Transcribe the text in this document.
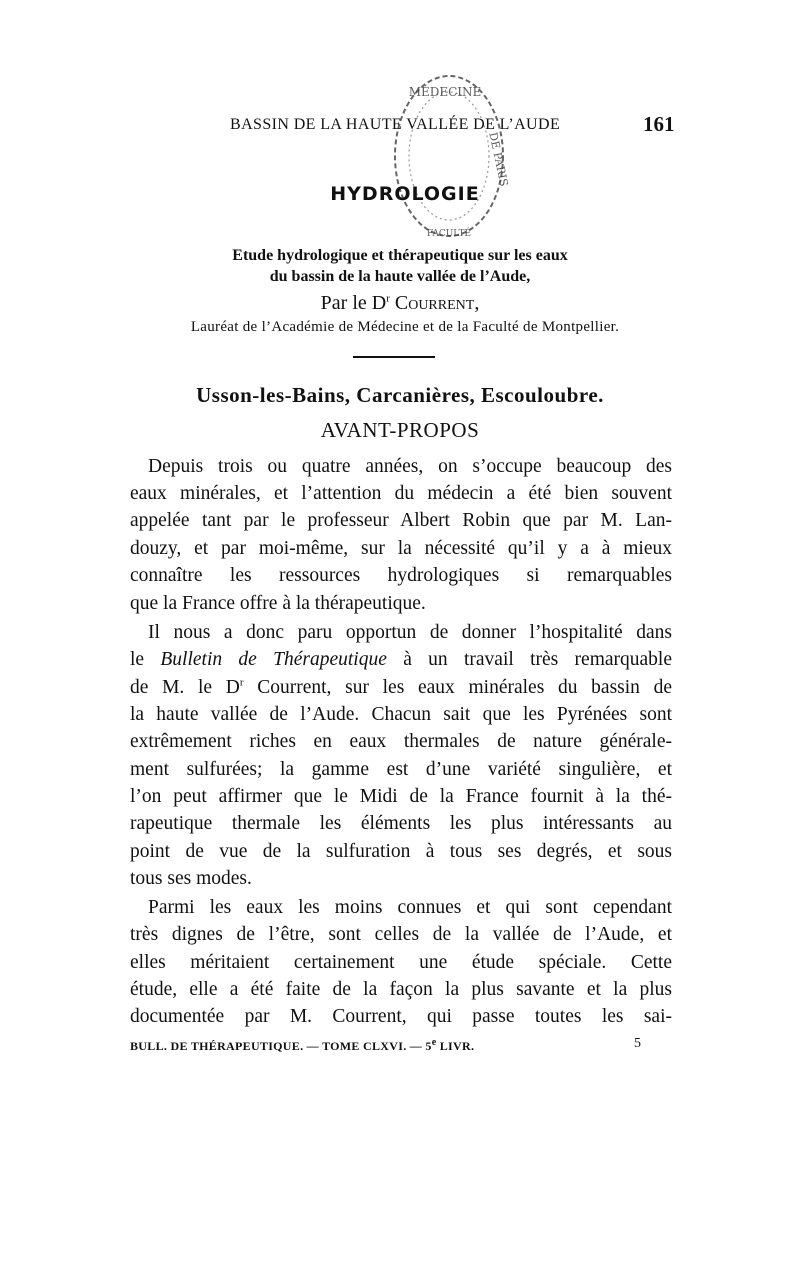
BASSIN DE LA HAUTE VALLÉE DE L’AUDE	161
MÉDECINE
FACULTÉ
DE PARIS
HYDROLOGIE
Etude hydrologique et thérapeutique sur les eaux
du bassin de la haute vallée de l’Aude,
Par le $D^r$ Courrent,
Lauréat de l’Académie de Médecine et de la Faculté de Montpellier.
Usson-les-Bains, Carcanières, Escouloubre.
AVANT-PROPOS
Depuis trois ou quatre années, on s’occupe beaucoup des
eaux minérales, et l’attention du médecin a été bien souvent
appelée tant par le professeur Albert Robin que par M. Lan-
douzy, et par moi-même, sur la nécessité qu’il y a à mieux
connaître les ressources hydrologiques si remarquables
que la France offre à la thérapeutique.
Il nous a donc paru opportun de donner l’hospitalité dans
le Bulletin de Thérapeutique à un travail très remarquable
de M. le $D^r$ Courrent, sur les eaux minérales du bassin de
la haute vallée de l’Aude. Chacun sait que les Pyrénées sont
extrêmement riches en eaux thermales de nature générale-
ment sulfurées; la gamme est d’une variété singulière, et
l’on peut affirmer que le Midi de la France fournit à la thé-
rapeutique thermale les éléments les plus intéressants au
point de vue de la sulfuration à tous ses degrés, et sous
tous ses modes.
Parmi les eaux les moins connues et qui sont cependant
très dignes de l’être, sont celles de la vallée de l’Aude, et
elles méritaient certainement une étude spéciale. Cette
étude, elle a été faite de la façon la plus savante et la plus
documentée par M. Courrent, qui passe toutes les sai-
BULL. DE THÉRAPEUTIQUE. — TOME CLXVI. — 5e LIVR.	5
